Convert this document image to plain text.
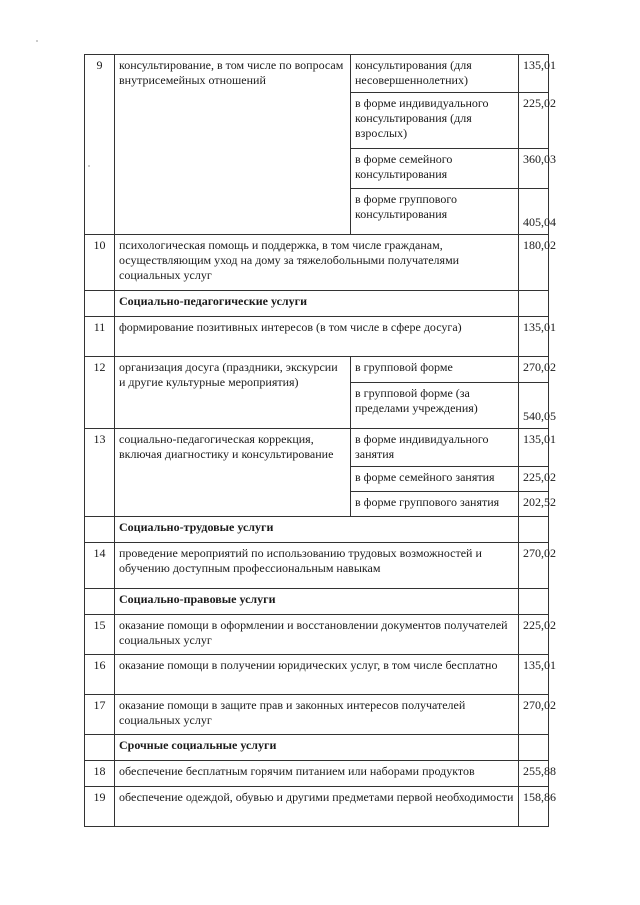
9	консультирование, в том числе по вопросам внутрисемейных отношений	консультирования (для несовершеннолетних)	135,01
		в форме индивидуального консультирования (для взрослых)	225,02
		в форме семейного консультирования	360,03
		в форме группового консультирования	405,04
10	психологическая помощь и поддержка, в том числе гражданам, осуществляющим уход на дому за тяжелобольными получателями социальных услуг		180,02
	Социально-педагогические услуги		
11	формирование позитивных интересов (в том числе в сфере досуга)		135,01
12	организация досуга (праздники, экскурсии и другие культурные мероприятия)	в групповой форме	270,02
		в групповой форме (за пределами учреждения)	540,05
13	социально-педагогическая коррекция, включая диагностику и консультирование	в форме индивидуального занятия	135,01
		в форме семейного занятия	225,02
		в форме группового занятия	202,52
	Социально-трудовые услуги		
14	проведение мероприятий по использованию трудовых возможностей и обучению доступным профессиональным навыкам		270,02
	Социально-правовые услуги		
15	оказание помощи в оформлении и восстановлении документов получателей социальных услуг		225,02
16	оказание помощи в получении юридических услуг, в том числе бесплатно		135,01
17	оказание помощи в защите прав и законных интересов получателей социальных услуг		270,02
	Срочные социальные услуги		
18	обеспечение бесплатным горячим питанием или наборами продуктов		255,88
19	обеспечение одеждой, обувью и другими предметами первой необходимости		158,86
